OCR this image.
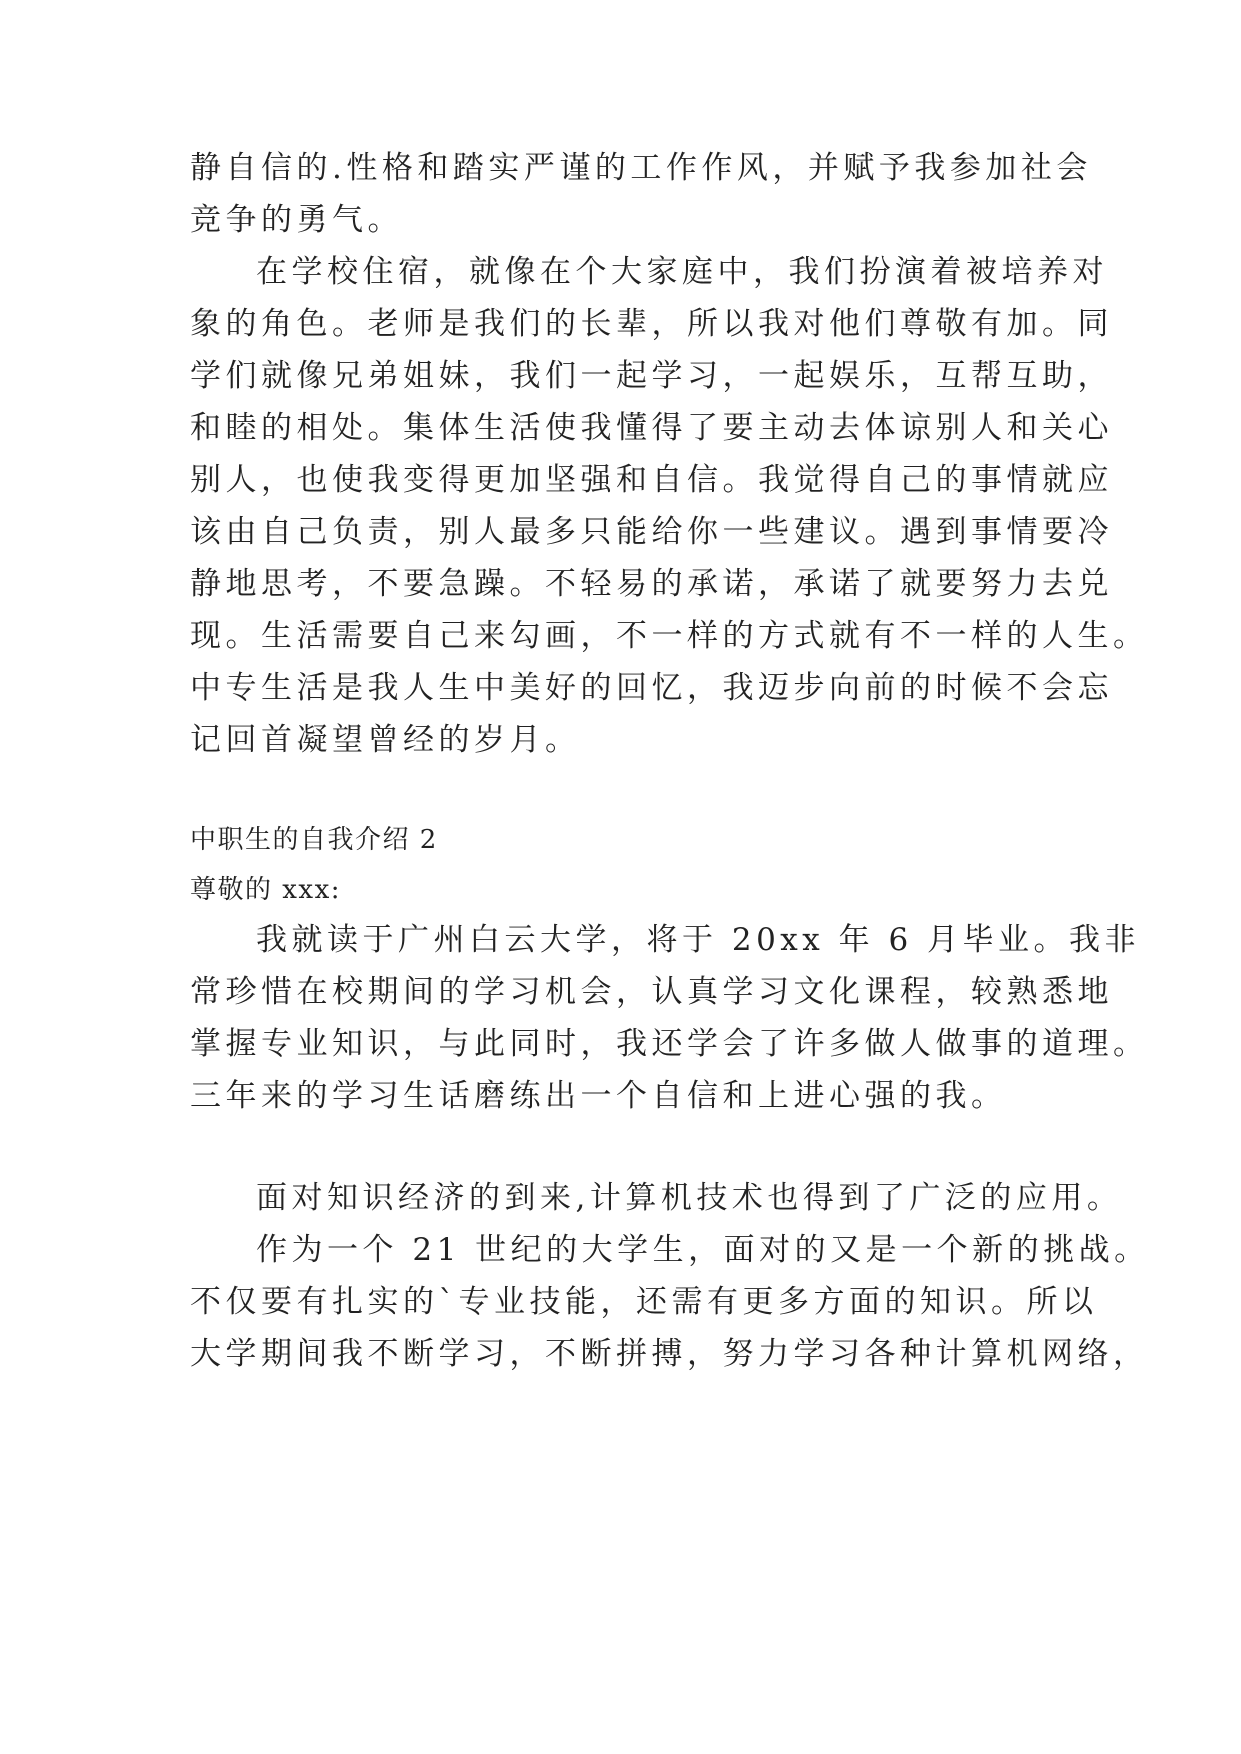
静自信的.性格和踏实严谨的工作作风，并赋予我参加社会
竞争的勇气。
在学校住宿，就像在个大家庭中，我们扮演着被培养对
象的角色。老师是我们的长辈，所以我对他们尊敬有加。同
学们就像兄弟姐妹，我们一起学习，一起娱乐，互帮互助，
和睦的相处。集体生活使我懂得了要主动去体谅别人和关心
别人，也使我变得更加坚强和自信。我觉得自己的事情就应
该由自己负责，别人最多只能给你一些建议。遇到事情要冷
静地思考，不要急躁。不轻易的承诺，承诺了就要努力去兑
现。生活需要自己来勾画，不一样的方式就有不一样的人生。
中专生活是我人生中美好的回忆，我迈步向前的时候不会忘
记回首凝望曾经的岁月。
中职生的自我介绍 2
尊敬的 xxx:
我就读于广州白云大学，将于 20xx 年 6 月毕业。我非
常珍惜在校期间的学习机会，认真学习文化课程，较熟悉地
掌握专业知识，与此同时，我还学会了许多做人做事的道理。
三年来的学习生话磨练出一个自信和上进心强的我。
面对知识经济的到来,计算机技术也得到了广泛的应用。
作为一个 21 世纪的大学生，面对的又是一个新的挑战。
不仅要有扎实的`专业技能，还需有更多方面的知识。所以
大学期间我不断学习，不断拼搏，努力学习各种计算机网络，
